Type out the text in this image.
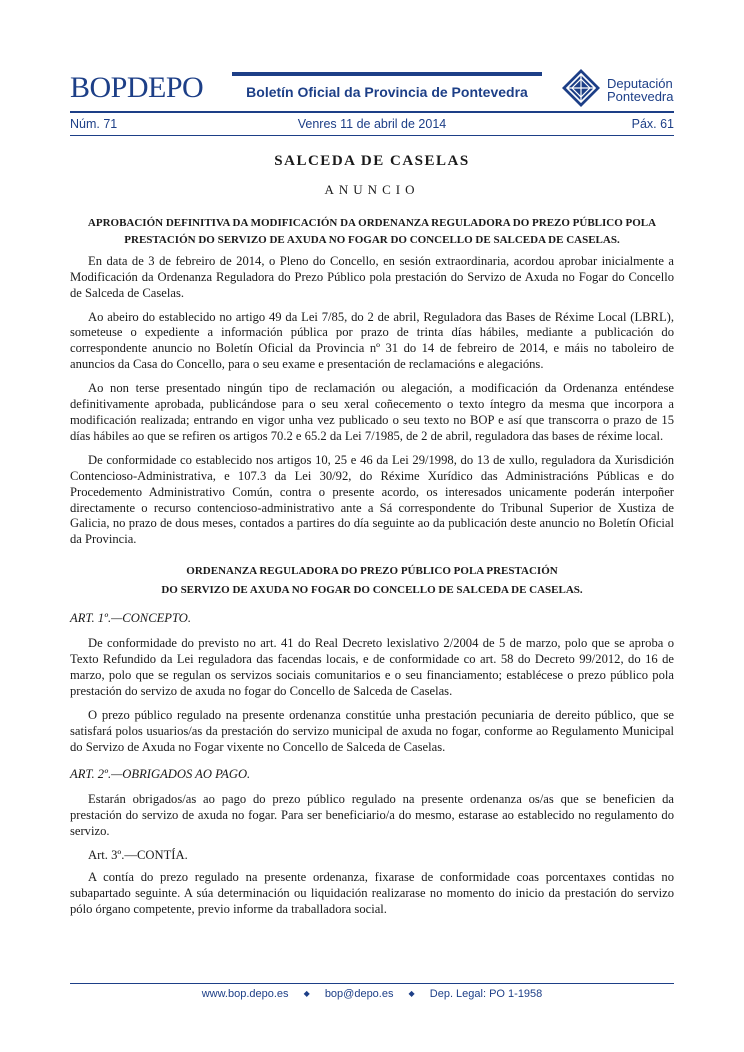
BOPDEPO	Boletín Oficial da Provincia de Pontevedra
Deputación
Pontevedra
Núm. 71	Venres 11 de abril de 2014	Páx. 61
SALCEDA DE CASELAS
ANUNCIO
APROBACIÓN DEFINITIVA DA MODIFICACIÓN DA ORDENANZA REGULADORA DO PREZO PÚBLICO POLA PRESTACIÓN DO SERVIZO DE AXUDA NO FOGAR DO CONCELLO DE SALCEDA DE CASELAS.

En data de 3 de febreiro de 2014, o Pleno do Concello, en sesión extraordinaria, acordou aprobar inicialmente a Modificación da Ordenanza Reguladora do Prezo Público pola prestación do Servizo de Axuda no Fogar do Concello de Salceda de Caselas.

Ao abeiro do establecido no artigo 49 da Lei 7/85, do 2 de abril, Reguladora das Bases de Réxime Local (LBRL), someteuse o expediente a información pública por prazo de trinta días hábiles, mediante a publicación do correspondente anuncio no Boletín Oficial da Provincia nº 31 do 14 de febreiro de 2014, e máis no taboleiro de anuncios da Casa do Concello, para o seu exame e presentación de reclamacións e alegacións.

Ao non terse presentado ningún tipo de reclamación ou alegación, a modificación da Ordenanza enténdese definitivamente aprobada, publicándose para o seu xeral coñecemento o texto íntegro da mesma que incorpora a modificación realizada; entrando en vigor unha vez publicado o seu texto no BOP e así que transcorra o prazo de 15 días hábiles ao que se refiren os artigos 70.2 e 65.2 da Lei 7/1985, de 2 de abril, reguladora das bases de réxime local.

De conformidade co establecido nos artigos 10, 25 e 46 da Lei 29/1998, do 13 de xullo, reguladora da Xurisdición Contencioso-Administrativa, e 107.3 da Lei 30/92, do Réxime Xurídico das Administracións Públicas e do Procedemento Administrativo Común, contra o presente acordo, os interesados unicamente poderán interpoñer directamente o recurso contencioso-administrativo ante a Sá correspondente do Tribunal Superior de Xustiza de Galicia, no prazo de dous meses, contados a partires do día seguinte ao da publicación deste anuncio no Boletín Oficial da Provincia.

ORDENANZA REGULADORA DO PREZO PÚBLICO POLA PRESTACIÓN
DO SERVIZO DE AXUDA NO FOGAR DO CONCELLO DE SALCEDA DE CASELAS.
ART. 1º.—CONCEPTO.

De conformidade do previsto no art. 41 do Real Decreto lexislativo 2/2004 de 5 de marzo, polo que se aproba o Texto Refundido da Lei reguladora das facendas locais, e de conformidade co art. 58 do Decreto 99/2012, do 16 de marzo, polo que se regulan os servizos sociais comunitarios e o seu financiamento; establécese o prezo público pola prestación do servizo de axuda no fogar do Concello de Salceda de Caselas.

O prezo público regulado na presente ordenanza constitúe unha prestación pecuniaria de dereito público, que se satisfará polos usuarios/as da prestación do servizo municipal de axuda no fogar, conforme ao Regulamento Municipal do Servizo de Axuda no Fogar vixente no Concello de Salceda de Caselas.

ART. 2º.—OBRIGADOS AO PAGO.

Estarán obrigados/as ao pago do prezo público regulado na presente ordenanza os/as que se beneficien da prestación do servizo de axuda no fogar. Para ser beneficiario/a do mesmo, estarase ao establecido no regulamento do servizo.

Art. 3º.—CONTÍA.

A contía do prezo regulado na presente ordenanza, fixarase de conformidade coas porcentaxes contidas no subapartado seguinte. A súa determinación ou liquidación realizarase no momento do inicio da prestación do servizo pólo órgano competente, previo informe da traballadora social.

www.bop.depo.es ◆ bop@depo.es ◆ Dep. Legal: PO 1-1958
